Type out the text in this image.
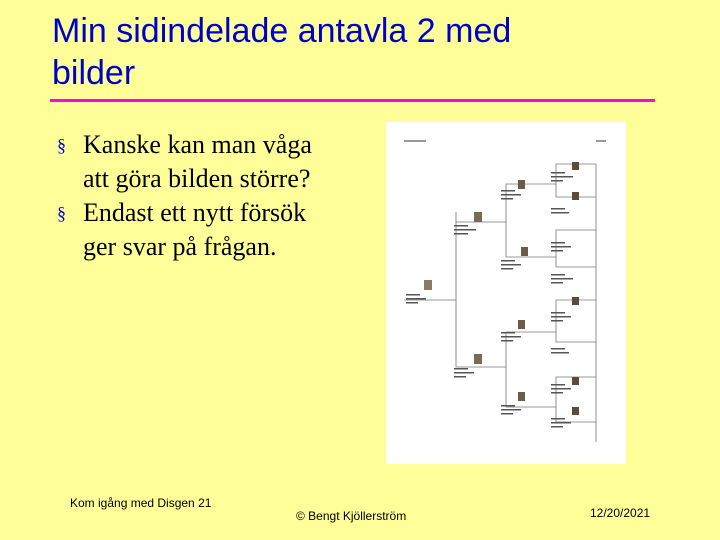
Min sidindelade antavla 2 med
bilder
§ Kanske kan man våga
att göra bilden större?
§ Endast ett nytt försök
ger svar på frågan.
Kom igång med Disgen 21
© Bengt Kjöllerström	12/20/2021
